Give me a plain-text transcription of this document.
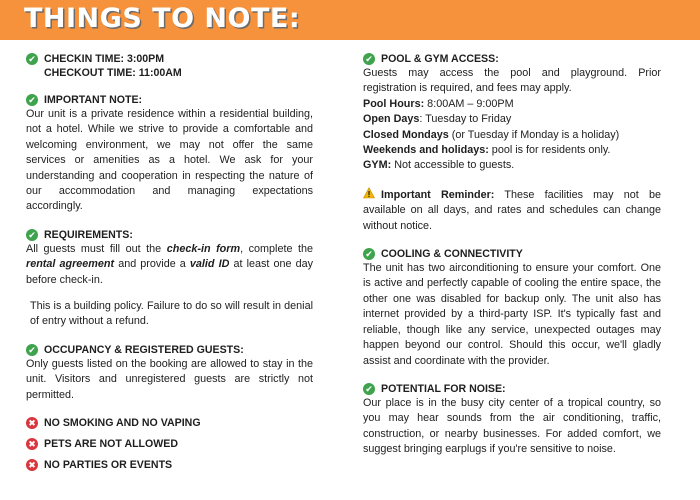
THINGS TO NOTE:
✔ CHECKIN TIME: 3:00PM
CHECKOUT TIME: 11:00AM
✔ IMPORTANT NOTE:
Our unit is a private residence within a residential building, not a hotel. While we strive to provide a comfortable and welcoming environment, we may not offer the same services or amenities as a hotel. We ask for your understanding and cooperation in respecting the nature of our accommodation and managing expectations accordingly.
✔ REQUIREMENTS:

All guests must fill out the check-in form, complete the rental agreement and provide a valid ID at least one day before check-in.

This is a building policy. Failure to do so will result in denial of entry without a refund.

✔ OCCUPANCY & REGISTERED GUESTS:
Only guests listed on the booking are allowed to stay in the unit. Visitors and unregistered guests are strictly not permitted.
✖ NO SMOKING AND NO VAPING
✖ PETS ARE NOT ALLOWED
✖ NO PARTIES OR EVENTS
✔ POOL & GYM ACCESS:
Guests may access the pool and playground. Prior registration is required, and fees may apply.
Pool Hours: 8:00AM – 9:00PM
Open Days: Tuesday to Friday
Closed Mondays (or Tuesday if Monday is a holiday)
Weekends and holidays: pool is for residents only.
GYM: Not accessible to guests.
Important Reminder: These facilities may not be available on all days, and rates and schedules can change without notice.
✔ COOLING & CONNECTIVITY
The unit has two airconditioning to ensure your comfort. One is active and perfectly capable of cooling the entire space, the other one was disabled for backup only. The unit also has internet provided by a third-party ISP. It's typically fast and reliable, though like any service, unexpected outages may happen beyond our control. Should this occur, we'll gladly assist and coordinate with the provider.
✔ POTENTIAL FOR NOISE:
Our place is in the busy city center of a tropical country, so you may hear sounds from the air conditioning, traffic, construction, or nearby businesses. For added comfort, we suggest bringing earplugs if you're sensitive to noise.
